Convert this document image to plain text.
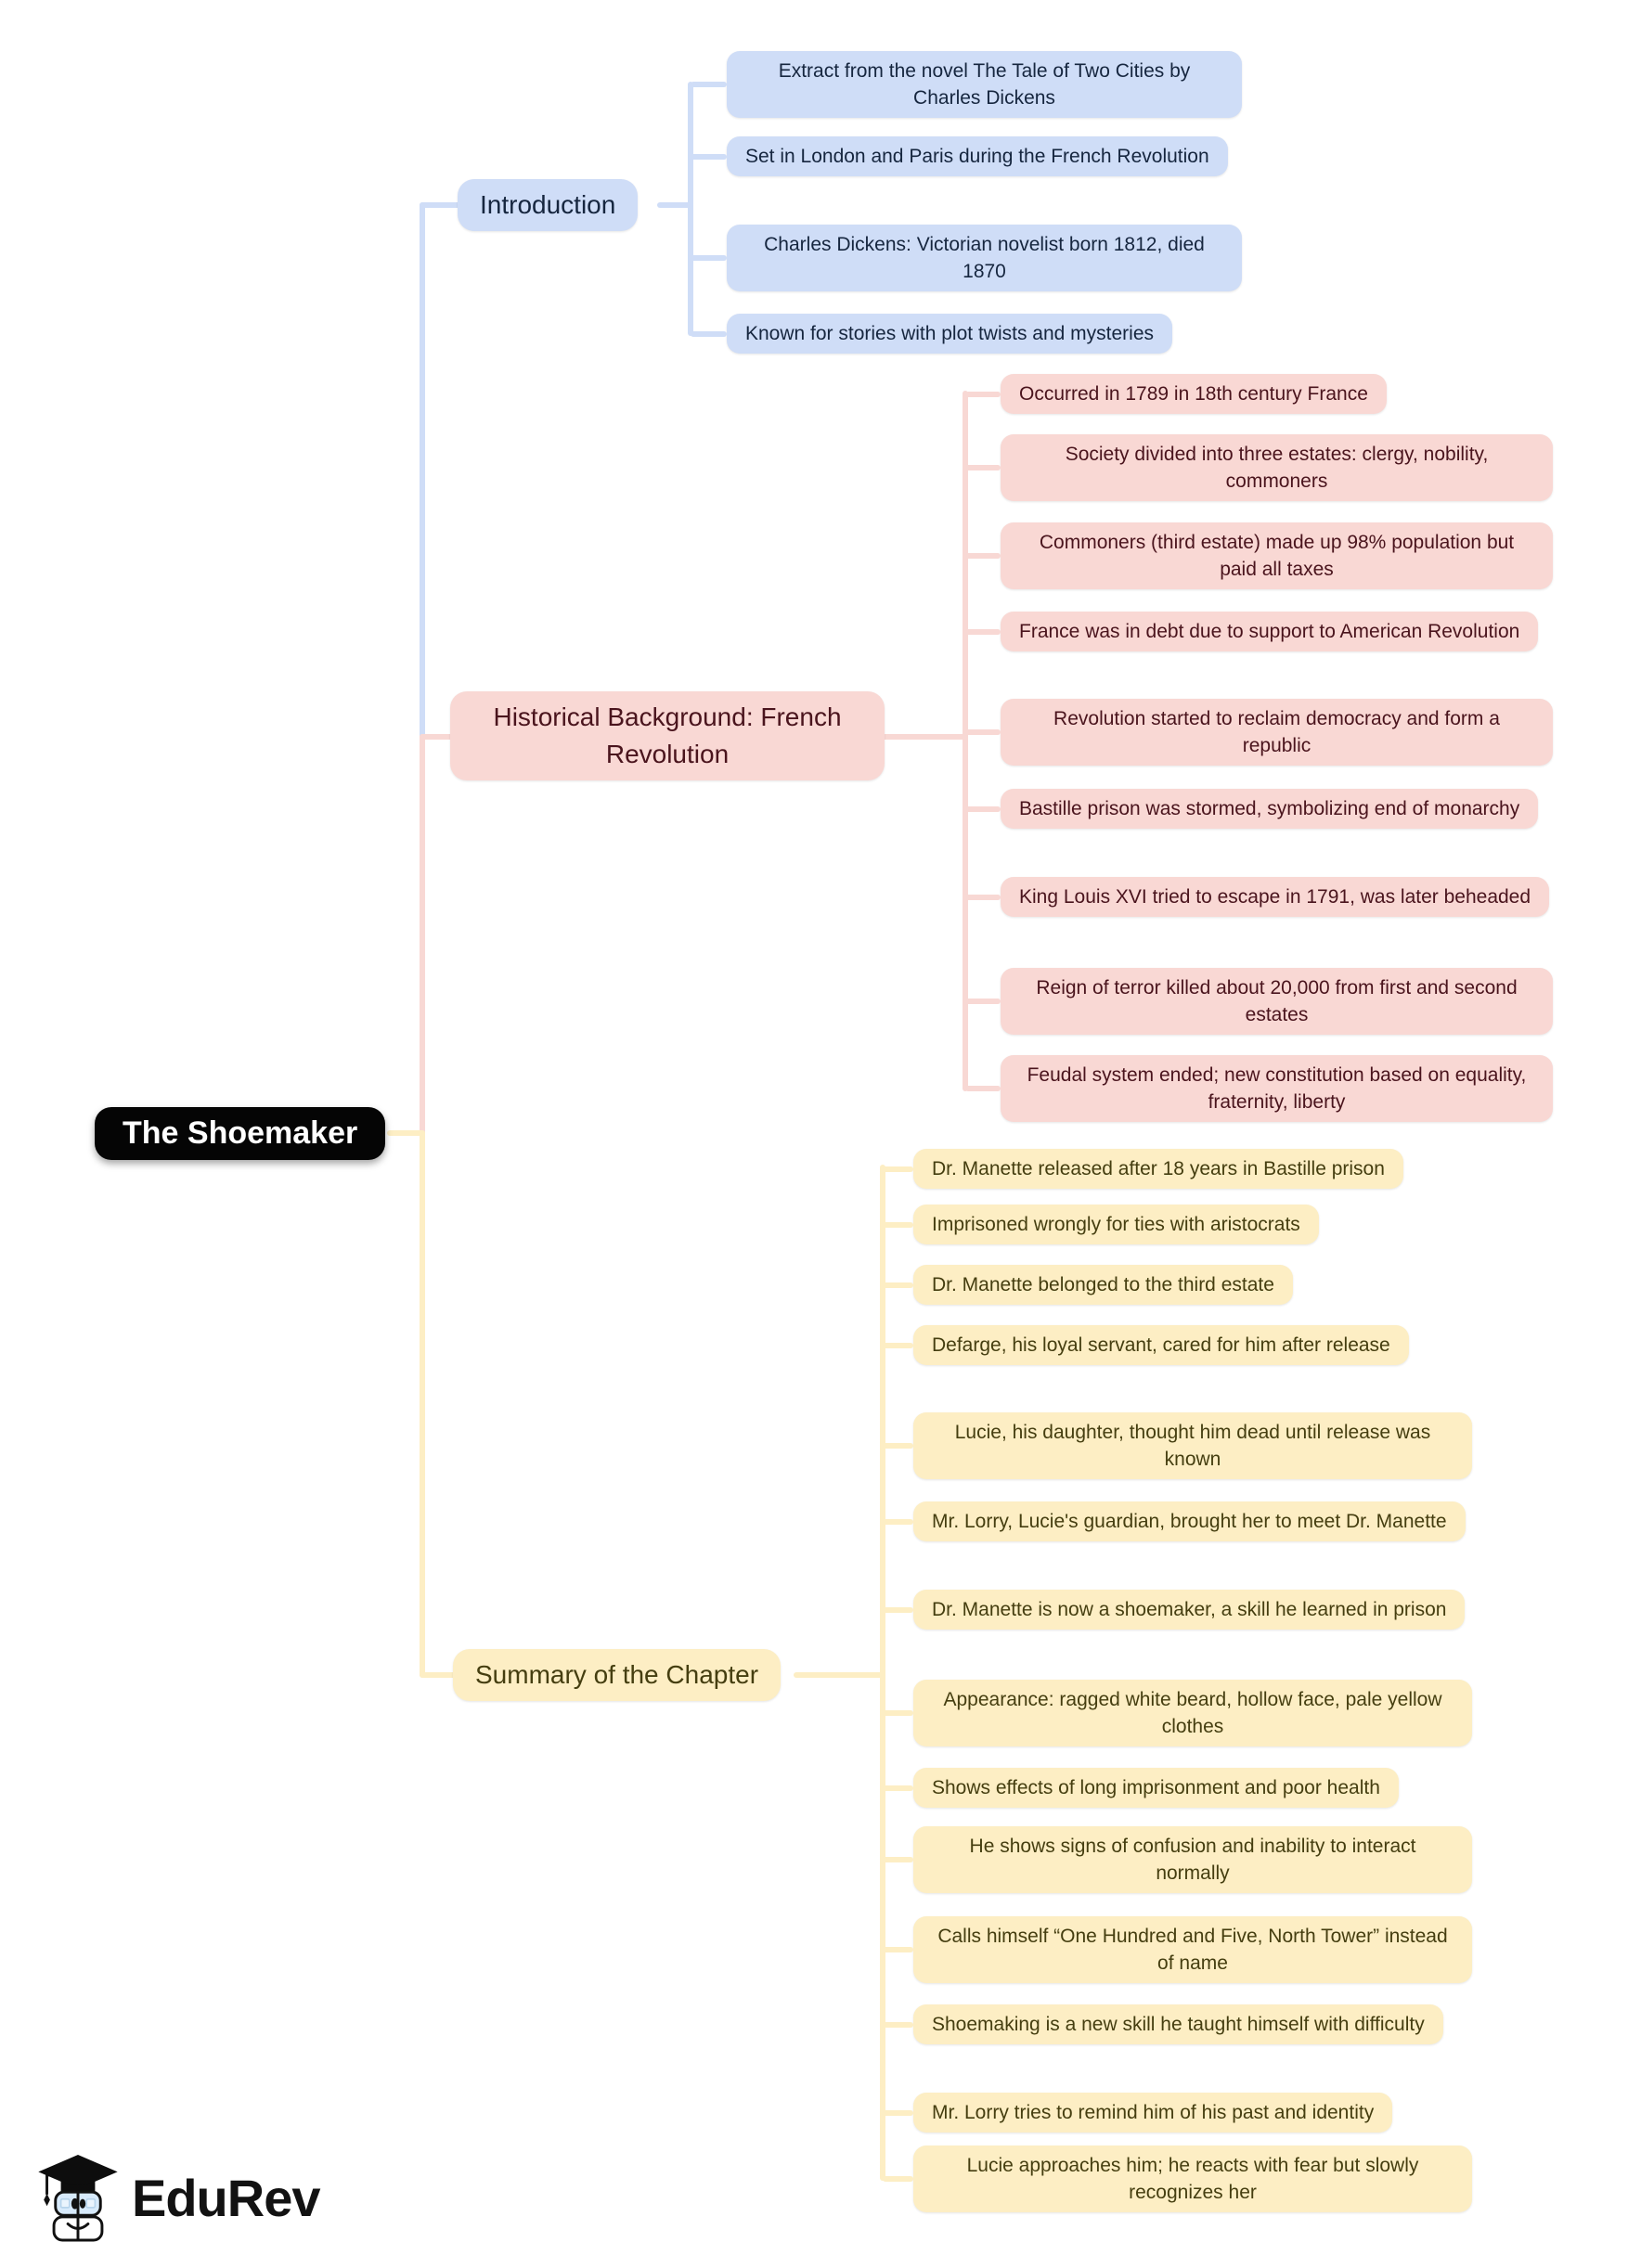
The Shoemaker
Introduction
Historical Background: French Revolution
Summary of the Chapter
Extract from the novel The Tale of Two Cities by Charles Dickens
Set in London and Paris during the French Revolution
Charles Dickens: Victorian novelist born 1812, died 1870
Known for stories with plot twists and mysteries
Occurred in 1789 in 18th century France
Society divided into three estates: clergy, nobility, commoners
Commoners (third estate) made up 98% population but paid all taxes
France was in debt due to support to American Revolution
Revolution started to reclaim democracy and form a republic
Bastille prison was stormed, symbolizing end of monarchy
King Louis XVI tried to escape in 1791, was later beheaded
Reign of terror killed about 20,000 from first and second estates
Feudal system ended; new constitution based on equality, fraternity, liberty
Dr. Manette released after 18 years in Bastille prison
Imprisoned wrongly for ties with aristocrats
Dr. Manette belonged to the third estate
Defarge, his loyal servant, cared for him after release
Lucie, his daughter, thought him dead until release was known
Mr. Lorry, Lucie's guardian, brought her to meet Dr. Manette
Dr. Manette is now a shoemaker, a skill he learned in prison
Appearance: ragged white beard, hollow face, pale yellow clothes
Shows effects of long imprisonment and poor health
He shows signs of confusion and inability to interact normally
Calls himself “One Hundred and Five, North Tower” instead of name
Shoemaking is a new skill he taught himself with difficulty
Mr. Lorry tries to remind him of his past and identity
Lucie approaches him; he reacts with fear but slowly recognizes her
EduRev
